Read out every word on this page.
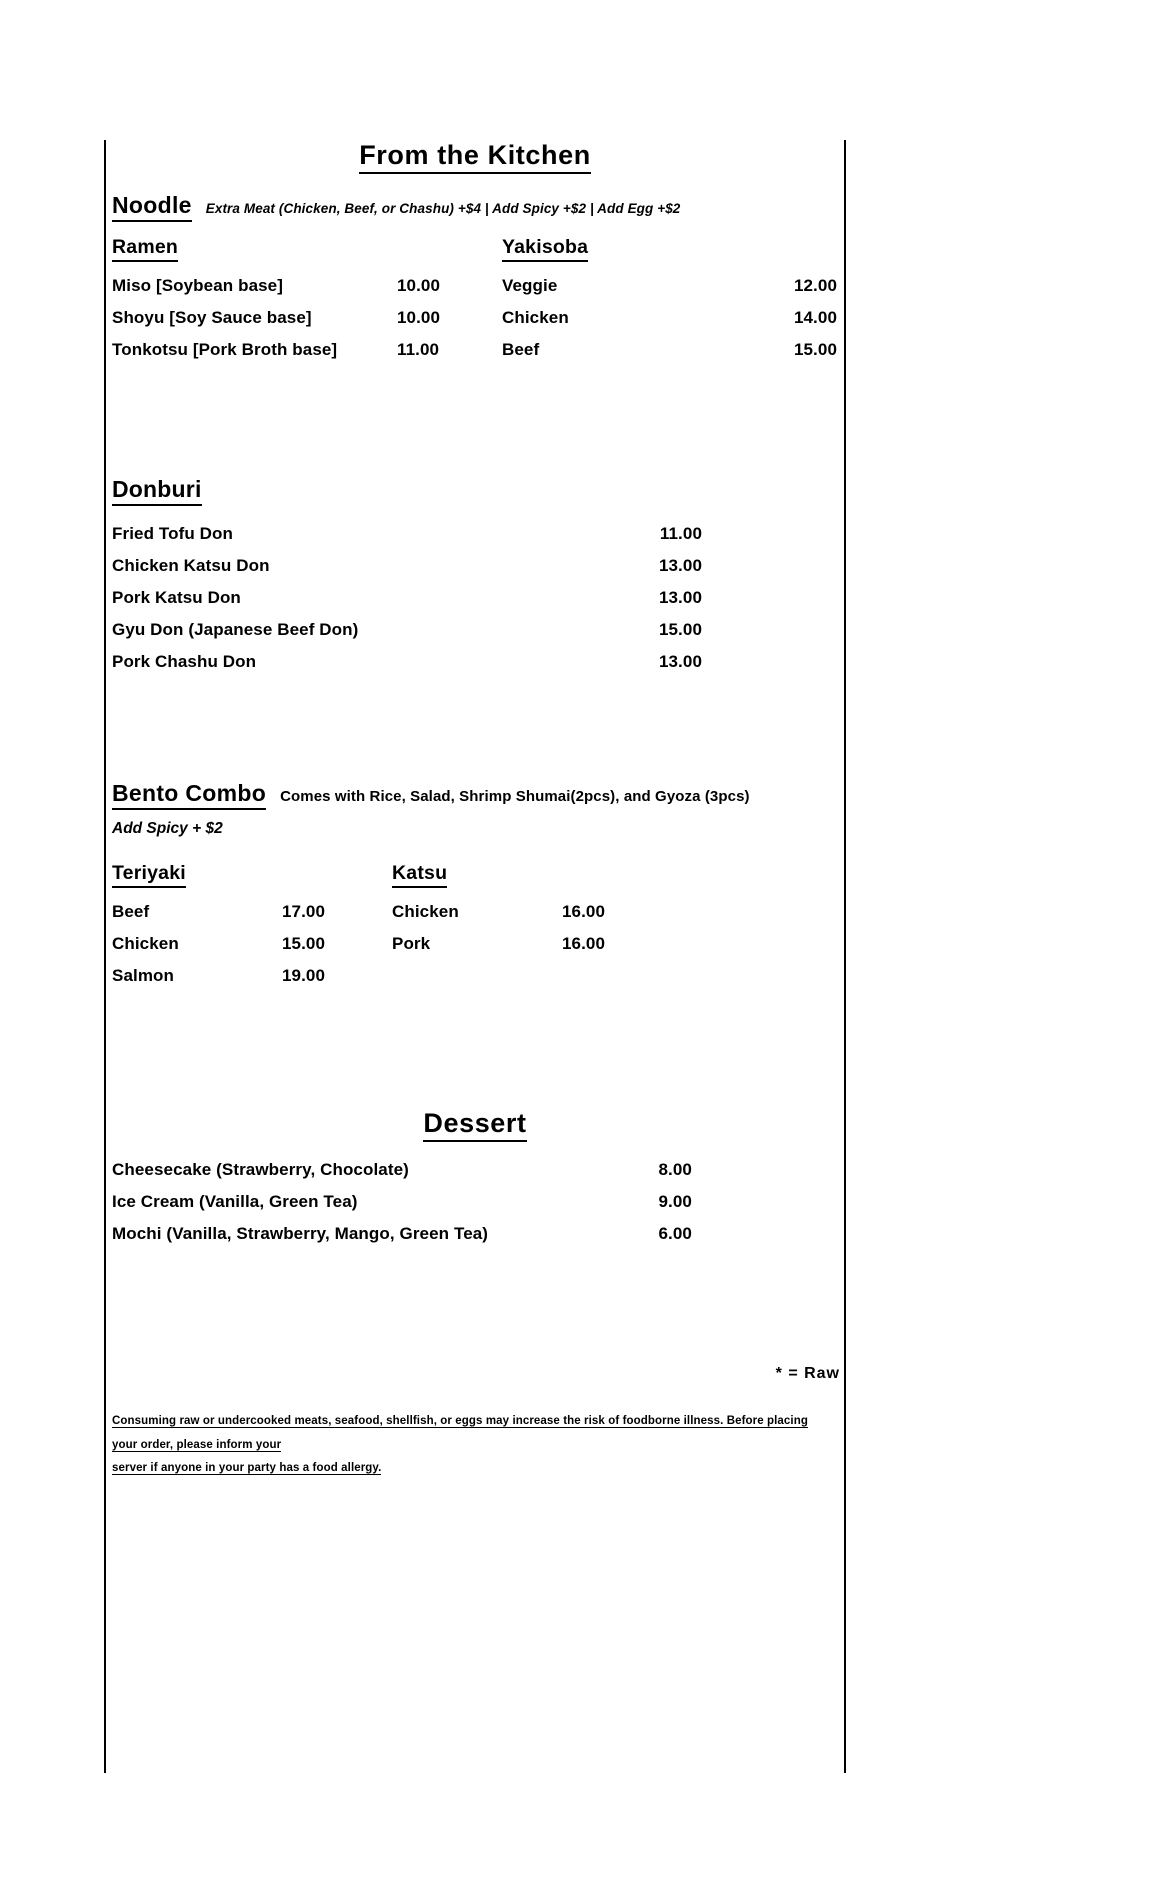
From the Kitchen
Noodle Extra Meat (Chicken, Beef, or Chashu) +$4 | Add Spicy +$2 | Add Egg +$2
Ramen
Miso [Soybean base]	10.00
Shoyu [Soy Sauce base]	10.00
Tonkotsu [Pork Broth base]	11.00
Yakisoba
Veggie	12.00
Chicken	14.00
Beef	15.00
Donburi
Fried Tofu Don	11.00
Chicken Katsu Don	13.00
Pork Katsu Don	13.00
Gyu Don (Japanese Beef Don)	15.00
Pork Chashu Don	13.00
Bento Combo Comes with Rice, Salad, Shrimp Shumai(2pcs), and Gyoza (3pcs)
Add Spicy + $2
Teriyaki
Beef	17.00
Chicken	15.00
Salmon	19.00
Katsu
Chicken	16.00
Pork	16.00
Dessert
Cheesecake (Strawberry, Chocolate)	8.00
Ice Cream (Vanilla, Green Tea)	9.00
Mochi (Vanilla, Strawberry, Mango, Green Tea)	6.00
* = Raw
Consuming raw or undercooked meats, seafood, shellfish, or eggs may increase the risk of foodborne illness. Before placing your order, please inform your
server if anyone in your party has a food allergy.
